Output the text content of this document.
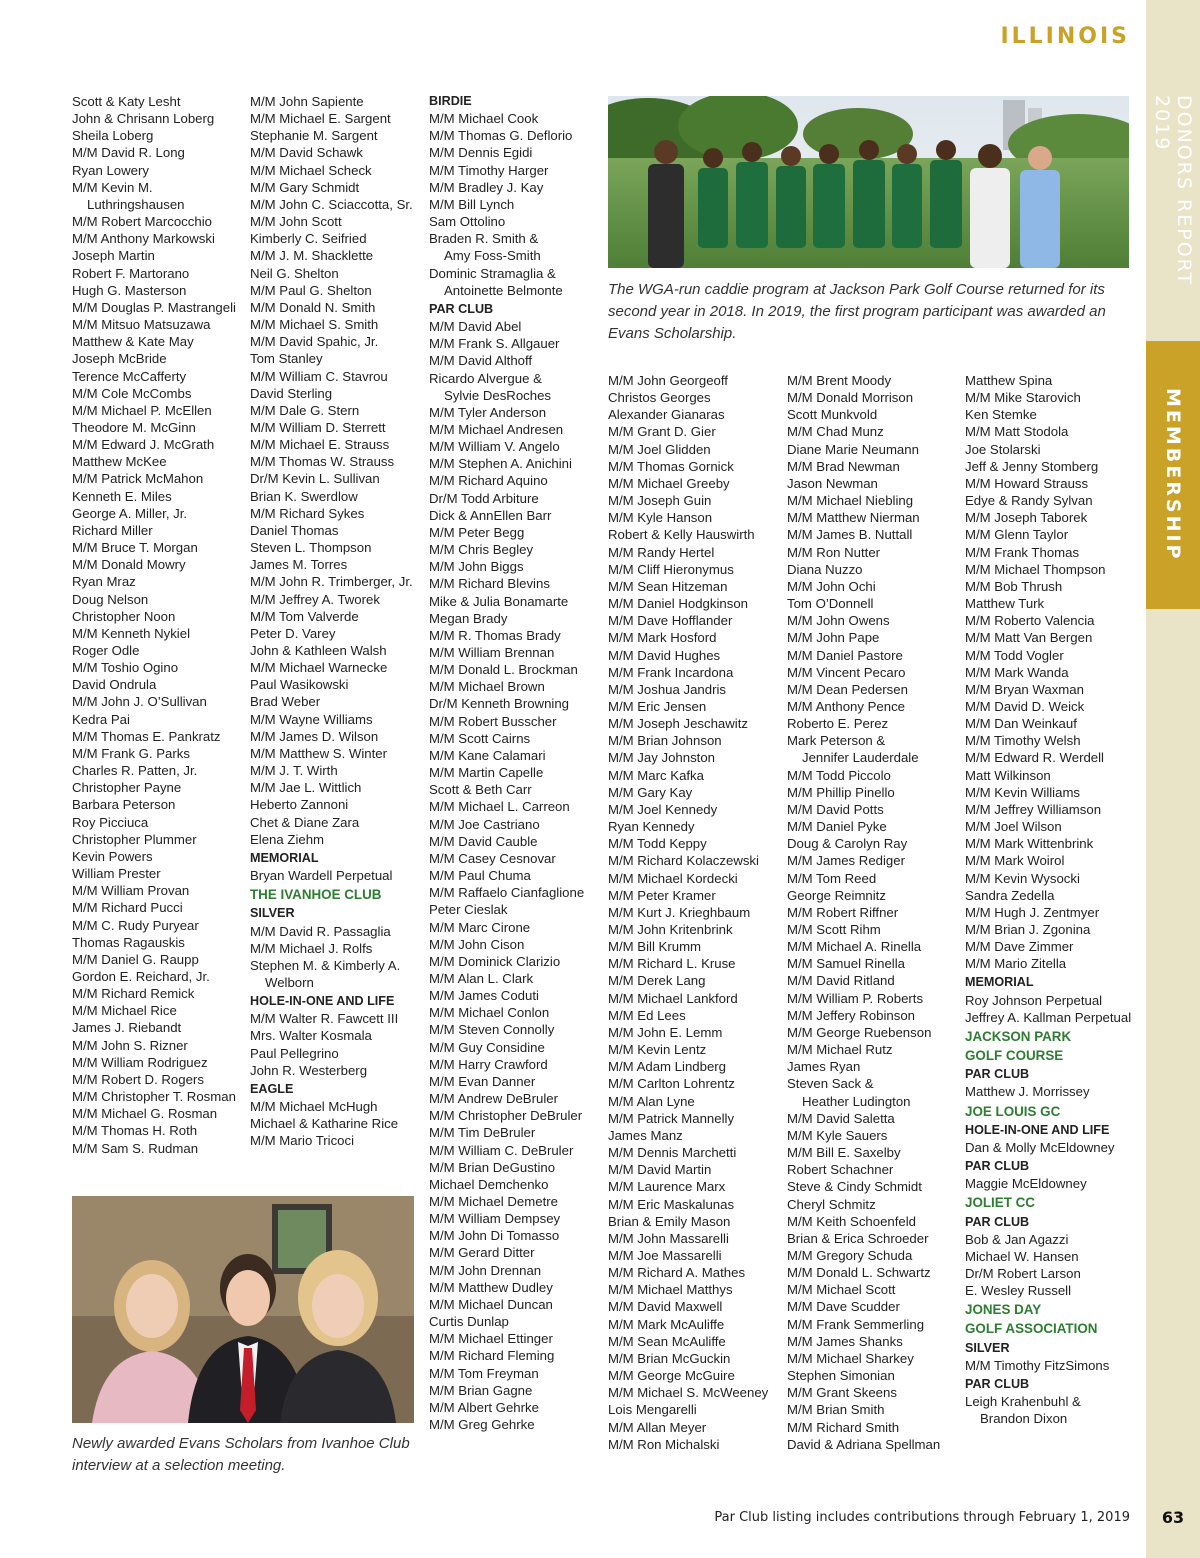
ILLINOIS
DONORS REPORT 2019
MEMBERSHIP
The WGA-run caddie program at Jackson Park Golf Course returned for its second year in 2018. In 2019, the first program participant was awarded an Evans Scholarship.
Newly awarded Evans Scholars from Ivanhoe Club interview at a selection meeting.
Scott & Katy Lesht
John & Chrisann Loberg
Sheila Loberg
M/M David R. Long
Ryan Lowery
M/M Kevin M.
Luthringshausen
M/M Robert Marcocchio
M/M Anthony Markowski
Joseph Martin
Robert F. Martorano
Hugh G. Masterson
M/M Douglas P. Mastrangeli
M/M Mitsuo Matsuzawa
Matthew & Kate May
Joseph McBride
Terence McCafferty
M/M Cole McCombs
M/M Michael P. McEllen
Theodore M. McGinn
M/M Edward J. McGrath
Matthew McKee
M/M Patrick McMahon
Kenneth E. Miles
George A. Miller, Jr.
Richard Miller
M/M Bruce T. Morgan
M/M Donald Mowry
Ryan Mraz
Doug Nelson
Christopher Noon
M/M Kenneth Nykiel
Roger Odle
M/M Toshio Ogino
David Ondrula
M/M John J. O’Sullivan
Kedra Pai
M/M Thomas E. Pankratz
M/M Frank G. Parks
Charles R. Patten, Jr.
Christopher Payne
Barbara Peterson
Roy Picciuca
Christopher Plummer
Kevin Powers
William Prester
M/M William Provan
M/M Richard Pucci
M/M C. Rudy Puryear
Thomas Ragauskis
M/M Daniel G. Raupp
Gordon E. Reichard, Jr.
M/M Richard Remick
M/M Michael Rice
James J. Riebandt
M/M John S. Rizner
M/M William Rodriguez
M/M Robert D. Rogers
M/M Christopher T. Rosman
M/M Michael G. Rosman
M/M Thomas H. Roth
M/M Sam S. Rudman
M/M John Sapiente
M/M Michael E. Sargent
Stephanie M. Sargent
M/M David Schawk
M/M Michael Scheck
M/M Gary Schmidt
M/M John C. Sciaccotta, Sr.
M/M John Scott
Kimberly C. Seifried
M/M J. M. Shacklette
Neil G. Shelton
M/M Paul G. Shelton
M/M Donald N. Smith
M/M Michael S. Smith
M/M David Spahic, Jr.
Tom Stanley
M/M William C. Stavrou
David Sterling
M/M Dale G. Stern
M/M William D. Sterrett
M/M Michael E. Strauss
M/M Thomas W. Strauss
Dr/M Kevin L. Sullivan
Brian K. Swerdlow
M/M Richard Sykes
Daniel Thomas
Steven L. Thompson
James M. Torres
M/M John R. Trimberger, Jr.
M/M Jeffrey A. Tworek
M/M Tom Valverde
Peter D. Varey
John & Kathleen Walsh
M/M Michael Warnecke
Paul Wasikowski
Brad Weber
M/M Wayne Williams
M/M James D. Wilson
M/M Matthew S. Winter
M/M J. T. Wirth
M/M Jae L. Wittlich
Heberto Zannoni
Chet & Diane Zara
Elena Ziehm
MEMORIAL
Bryan Wardell Perpetual
THE IVANHOE CLUB
SILVER
M/M David R. Passaglia
M/M Michael J. Rolfs
Stephen M. & Kimberly A.
Welborn
HOLE-IN-ONE AND LIFE
M/M Walter R. Fawcett III
Mrs. Walter Kosmala
Paul Pellegrino
John R. Westerberg
EAGLE
M/M Michael McHugh
Michael & Katharine Rice
M/M Mario Tricoci
BIRDIE
M/M Michael Cook
M/M Thomas G. Deflorio
M/M Dennis Egidi
M/M Timothy Harger
M/M Bradley J. Kay
M/M Bill Lynch
Sam Ottolino
Braden R. Smith &
Amy Foss-Smith
Dominic Stramaglia &
Antoinette Belmonte
PAR CLUB
M/M David Abel
M/M Frank S. Allgauer
M/M David Althoff
Ricardo Alvergue &
Sylvie DesRoches
M/M Tyler Anderson
M/M Michael Andresen
M/M William V. Angelo
M/M Stephen A. Anichini
M/M Richard Aquino
Dr/M Todd Arbiture
Dick & AnnEllen Barr
M/M Peter Begg
M/M Chris Begley
M/M John Biggs
M/M Richard Blevins
Mike & Julia Bonamarte
Megan Brady
M/M R. Thomas Brady
M/M William Brennan
M/M Donald L. Brockman
M/M Michael Brown
Dr/M Kenneth Browning
M/M Robert Busscher
M/M Scott Cairns
M/M Kane Calamari
M/M Martin Capelle
Scott & Beth Carr
M/M Michael L. Carreon
M/M Joe Castriano
M/M David Cauble
M/M Casey Cesnovar
M/M Paul Chuma
M/M Raffaelo Cianfaglione
Peter Cieslak
M/M Marc Cirone
M/M John Cison
M/M Dominick Clarizio
M/M Alan L. Clark
M/M James Coduti
M/M Michael Conlon
M/M Steven Connolly
M/M Guy Considine
M/M Harry Crawford
M/M Evan Danner
M/M Andrew DeBruler
M/M Christopher DeBruler
M/M Tim DeBruler
M/M William C. DeBruler
M/M Brian DeGustino
Michael Demchenko
M/M Michael Demetre
M/M William Dempsey
M/M John Di Tomasso
M/M Gerard Ditter
M/M John Drennan
M/M Matthew Dudley
M/M Michael Duncan
Curtis Dunlap
M/M Michael Ettinger
M/M Richard Fleming
M/M Tom Freyman
M/M Brian Gagne
M/M Albert Gehrke
M/M Greg Gehrke
M/M John Georgeoff
Christos Georges
Alexander Gianaras
M/M Grant D. Gier
M/M Joel Glidden
M/M Thomas Gornick
M/M Michael Greeby
M/M Joseph Guin
M/M Kyle Hanson
Robert & Kelly Hauswirth
M/M Randy Hertel
M/M Cliff Hieronymus
M/M Sean Hitzeman
M/M Daniel Hodgkinson
M/M Dave Hofflander
M/M Mark Hosford
M/M David Hughes
M/M Frank Incardona
M/M Joshua Jandris
M/M Eric Jensen
M/M Joseph Jeschawitz
M/M Brian Johnson
M/M Jay Johnston
M/M Marc Kafka
M/M Gary Kay
M/M Joel Kennedy
Ryan Kennedy
M/M Todd Keppy
M/M Richard Kolaczewski
M/M Michael Kordecki
M/M Peter Kramer
M/M Kurt J. Krieghbaum
M/M John Kritenbrink
M/M Bill Krumm
M/M Richard L. Kruse
M/M Derek Lang
M/M Michael Lankford
M/M Ed Lees
M/M John E. Lemm
M/M Kevin Lentz
M/M Adam Lindberg
M/M Carlton Lohrentz
M/M Alan Lyne
M/M Patrick Mannelly
James Manz
M/M Dennis Marchetti
M/M David Martin
M/M Laurence Marx
M/M Eric Maskalunas
Brian & Emily Mason
M/M John Massarelli
M/M Joe Massarelli
M/M Richard A. Mathes
M/M Michael Matthys
M/M David Maxwell
M/M Mark McAuliffe
M/M Sean McAuliffe
M/M Brian McGuckin
M/M George McGuire
M/M Michael S. McWeeney
Lois Mengarelli
M/M Allan Meyer
M/M Ron Michalski
M/M Brent Moody
M/M Donald Morrison
Scott Munkvold
M/M Chad Munz
Diane Marie Neumann
M/M Brad Newman
Jason Newman
M/M Michael Niebling
M/M Matthew Nierman
M/M James B. Nuttall
M/M Ron Nutter
Diana Nuzzo
M/M John Ochi
Tom O’Donnell
M/M John Owens
M/M John Pape
M/M Daniel Pastore
M/M Vincent Pecaro
M/M Dean Pedersen
M/M Anthony Pence
Roberto E. Perez
Mark Peterson &
Jennifer Lauderdale
M/M Todd Piccolo
M/M Phillip Pinello
M/M David Potts
M/M Daniel Pyke
Doug & Carolyn Ray
M/M James Rediger
M/M Tom Reed
George Reimnitz
M/M Robert Riffner
M/M Scott Rihm
M/M Michael A. Rinella
M/M Samuel Rinella
M/M David Ritland
M/M William P. Roberts
M/M Jeffery Robinson
M/M George Ruebenson
M/M Michael Rutz
James Ryan
Steven Sack &
Heather Ludington
M/M David Saletta
M/M Kyle Sauers
M/M Bill E. Saxelby
Robert Schachner
Steve & Cindy Schmidt
Cheryl Schmitz
M/M Keith Schoenfeld
Brian & Erica Schroeder
M/M Gregory Schuda
M/M Donald L. Schwartz
M/M Michael Scott
M/M Dave Scudder
M/M Frank Semmerling
M/M James Shanks
M/M Michael Sharkey
Stephen Simonian
M/M Grant Skeens
M/M Brian Smith
M/M Richard Smith
David & Adriana Spellman
Matthew Spina
M/M Mike Starovich
Ken Stemke
M/M Matt Stodola
Joe Stolarski
Jeff & Jenny Stomberg
M/M Howard Strauss
Edye & Randy Sylvan
M/M Joseph Taborek
M/M Glenn Taylor
M/M Frank Thomas
M/M Michael Thompson
M/M Bob Thrush
Matthew Turk
M/M Roberto Valencia
M/M Matt Van Bergen
M/M Todd Vogler
M/M Mark Wanda
M/M Bryan Waxman
M/M David D. Weick
M/M Dan Weinkauf
M/M Timothy Welsh
M/M Edward R. Werdell
Matt Wilkinson
M/M Kevin Williams
M/M Jeffrey Williamson
M/M Joel Wilson
M/M Mark Wittenbrink
M/M Mark Woirol
M/M Kevin Wysocki
Sandra Zedella
M/M Hugh J. Zentmyer
M/M Brian J. Zgonina
M/M Dave Zimmer
M/M Mario Zitella
MEMORIAL
Roy Johnson Perpetual
Jeffrey A. Kallman Perpetual
JACKSON PARK
GOLF COURSE
PAR CLUB
Matthew J. Morrissey
JOE LOUIS GC
HOLE-IN-ONE AND LIFE
Dan & Molly McEldowney
PAR CLUB
Maggie McEldowney
JOLIET CC
PAR CLUB
Bob & Jan Agazzi
Michael W. Hansen
Dr/M Robert Larson
E. Wesley Russell
JONES DAY
GOLF ASSOCIATION
SILVER
M/M Timothy FitzSimons
PAR CLUB
Leigh Krahenbuhl &
Brandon Dixon
Par Club listing includes contributions through February 1, 2019	63
